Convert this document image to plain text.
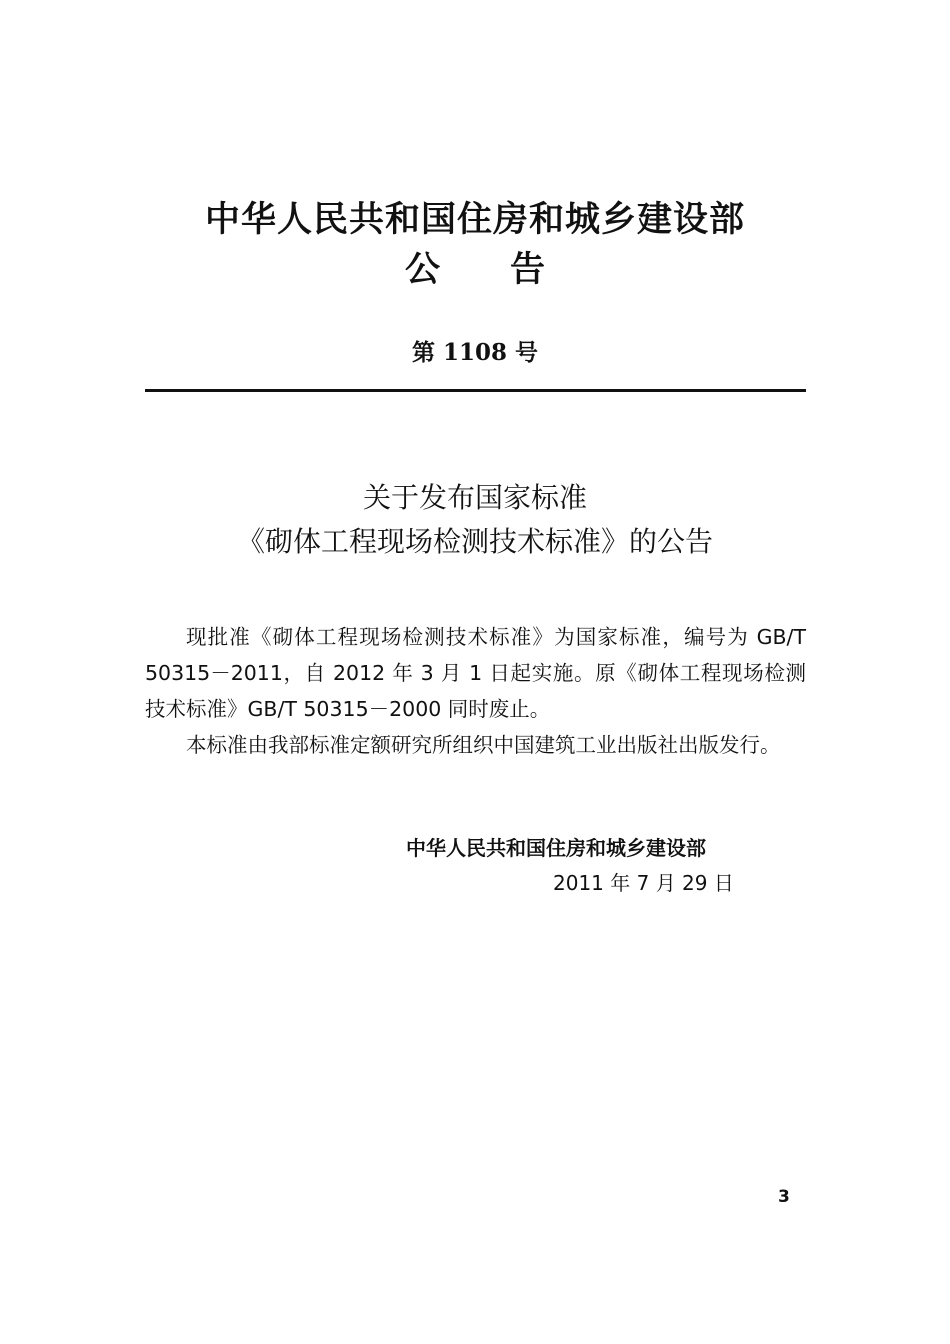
中华人民共和国住房和城乡建设部
公告
第 1108 号
关于发布国家标准
《砌体工程现场检测技术标准》的公告

现批准《砌体工程现场检测技术标准》为国家标准，编号为 GB/T 50315－2011，自 2012 年 3 月 1 日起实施。原《砌体工程现场检测技术标准》GB/T 50315－2000 同时废止。

本标准由我部标准定额研究所组织中国建筑工业出版社出版发行。

中华人民共和国住房和城乡建设部
2011 年 7 月 29 日
3
